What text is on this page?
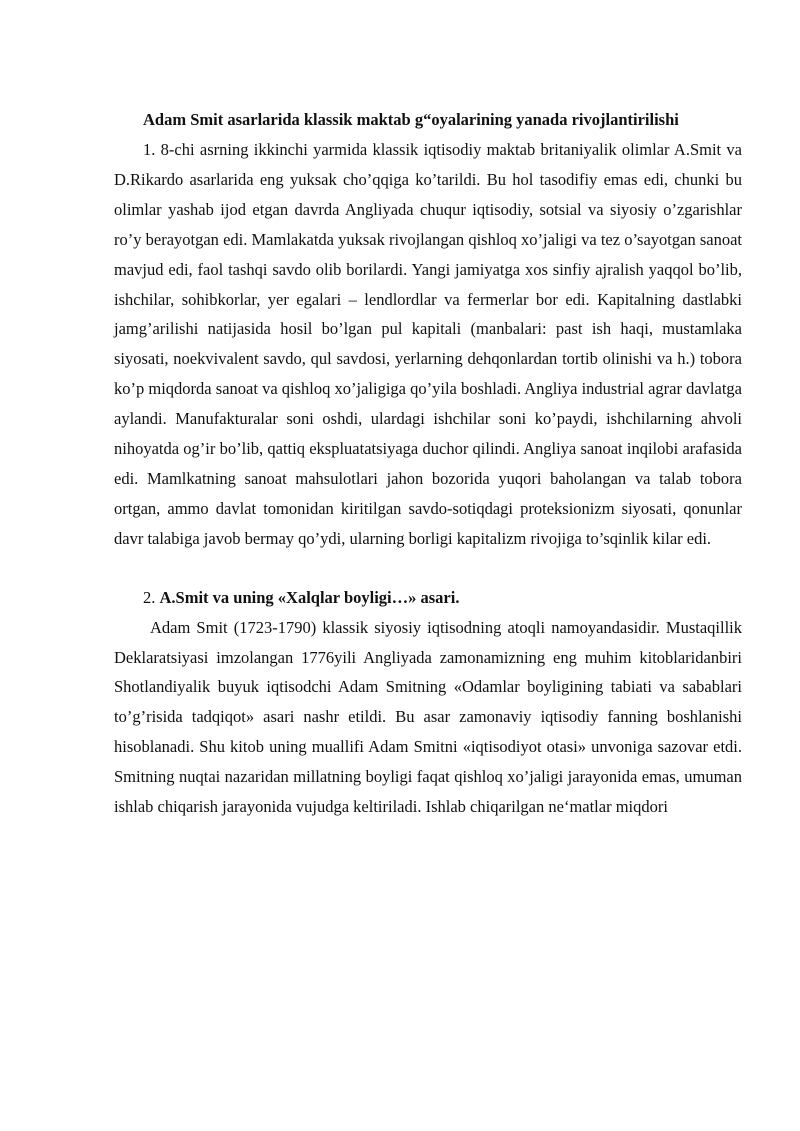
Adam Smit asarlarida klassik maktab g“oyalarining yanada rivojlantirilishi

1. 8-chi asrning ikkinchi yarmida klassik iqtisodiy maktab britaniyalik olimlar A.Smit va D.Rikardo asarlarida eng yuksak cho’qqiga ko’tarildi. Bu hol tasodifiy emas edi, chunki bu olimlar yashab ijod etgan davrda Angliyada chuqur iqtisodiy, sotsial va siyosiy o’zgarishlar ro’y berayotgan edi. Mamlakatda yuksak rivojlangan qishloq xo’jaligi va tez o’sayotgan sanoat mavjud edi, faol tashqi savdo olib borilardi. Yangi jamiyatga xos sinfiy ajralish yaqqol bo’lib, ishchilar, sohibkorlar, yer egalari – lendlordlar va fermerlar bor edi. Kapitalning dastlabki jamg’arilishi natijasida hosil bo’lgan pul kapitali (manbalari: past ish haqi, mustamlaka siyosati, noekvivalent savdo, qul savdosi, yerlarning dehqonlardan tortib olinishi va h.) tobora ko’p miqdorda sanoat va qishloq xo’jaligiga qo’yila boshladi. Angliya industrial agrar davlatga aylandi. Manufakturalar soni oshdi, ulardagi ishchilar soni ko’paydi, ishchilarning ahvoli nihoyatda og’ir bo’lib, qattiq ekspluatatsiyaga duchor qilindi. Angliya sanoat inqilobi arafasida edi. Mamlkatning sanoat mahsulotlari jahon bozorida yuqori baholangan va talab tobora ortgan, ammo davlat tomonidan kiritilgan savdo-sotiqdagi proteksionizm siyosati, qonunlar davr talabiga javob bermay qo’ydi, ularning borligi kapitalizm rivojiga to’sqinlik kilar edi.

2. A.Smit va uning «Xalqlar boyligi…» asari.

Adam Smit (1723-1790) klassik siyosiy iqtisodning atoqli namoyandasidir. Mustaqillik Deklaratsiyasi imzolangan 1776yili Angliyada zamonamizning eng muhim kitoblaridanbiri Shotlandiyalik buyuk iqtisodchi Adam Smitning «Odamlar boyligining tabiati va sabablari to’g’risida tadqiqot» asari nashr etildi. Bu asar zamonaviy iqtisodiy fanning boshlanishi hisoblanadi. Shu kitob uning muallifi Adam Smitni «iqtisodiyot otasi» unvoniga sazovar etdi. Smitning nuqtai nazaridan millatning boyligi faqat qishloq xo’jaligi jarayonida emas, umuman ishlab chiqarish jarayonida vujudga keltiriladi. Ishlab chiqarilgan ne‘matlar miqdori
